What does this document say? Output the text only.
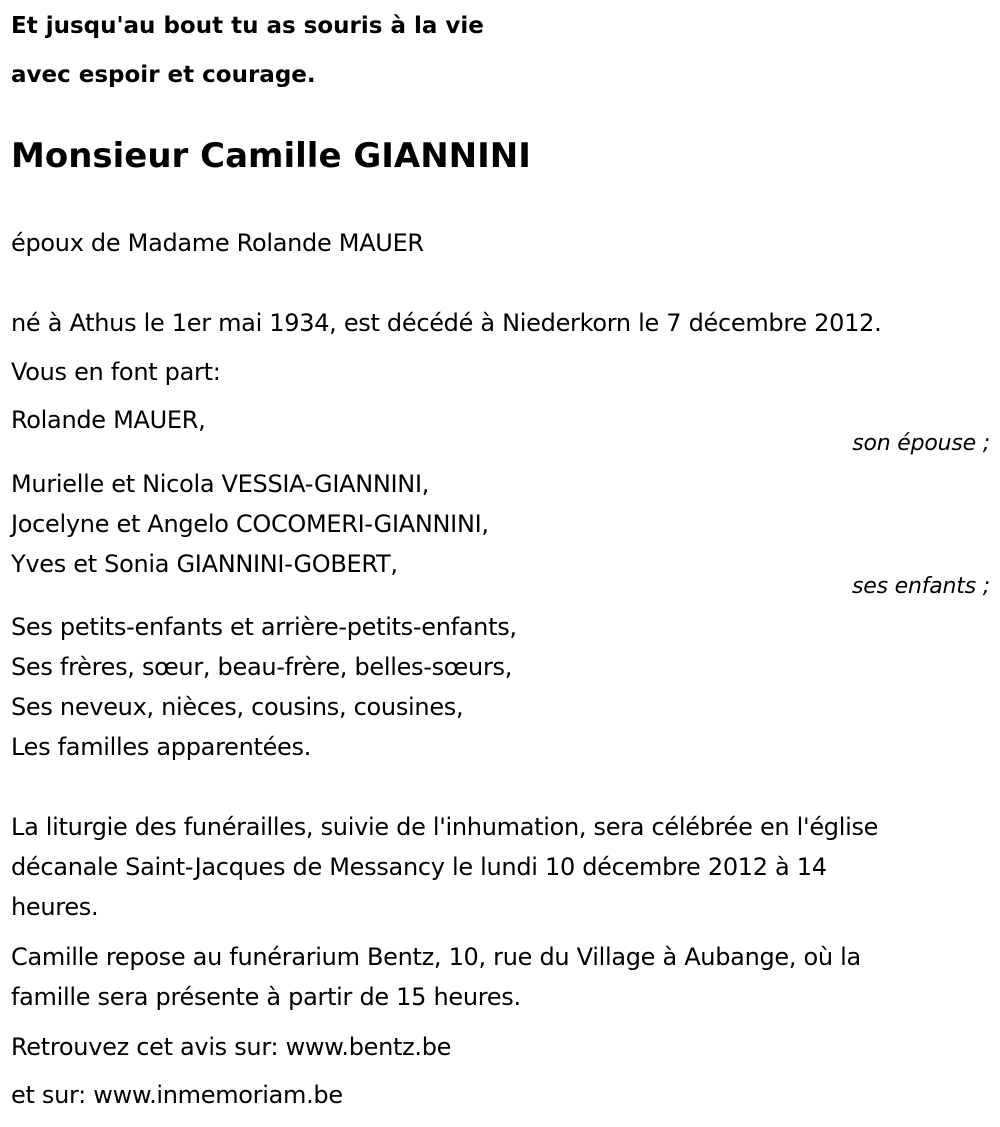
Et jusqu'au bout tu as souris à la vie

avec espoir et courage.

Monsieur Camille GIANNINI

époux de Madame Rolande MAUER

né à Athus le 1er mai 1934, est décédé à Niederkorn le 7 décembre 2012.

Vous en font part:

Rolande MAUER,

son épouse ;

Murielle et Nicola VESSIA-GIANNINI,

Jocelyne et Angelo COCOMERI-GIANNINI,

Yves et Sonia GIANNINI-GOBERT,

ses enfants ;

Ses petits-enfants et arrière-petits-enfants,

Ses frères, sœur, beau-frère, belles-sœurs,

Ses neveux, nièces, cousins, cousines,

Les familles apparentées.

La liturgie des funérailles, suivie de l'inhumation, sera célébrée en l'église

décanale Saint-Jacques de Messancy le lundi 10 décembre 2012 à 14

heures.

Camille repose au funérarium Bentz, 10, rue du Village à Aubange, où la

famille sera présente à partir de 15 heures.

Retrouvez cet avis sur: www.bentz.be

et sur: www.inmemoriam.be
